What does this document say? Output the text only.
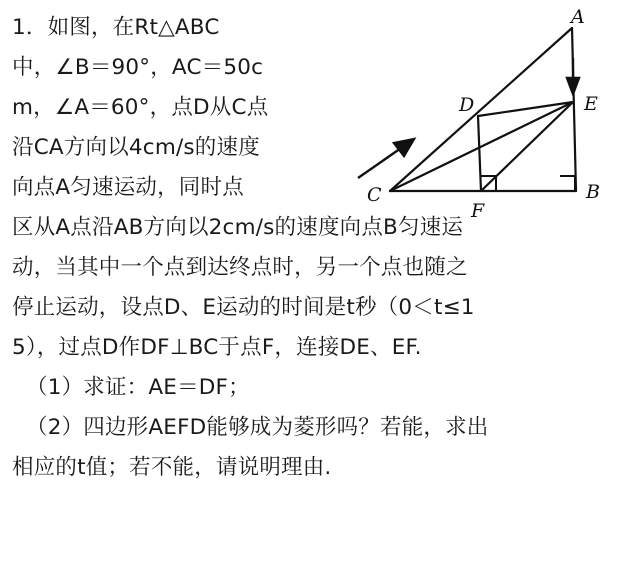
A
B
C
D	E
F
1．如图，在Rt△ABC
中，∠B＝90°，AC＝50c
m，∠A＝60°，点D从C点
沿CA方向以4cm/s的速度
向点A匀速运动，同时点
区从A点沿AB方向以2cm/s的速度向点B匀速运
动，当其中一个点到达终点时，另一个点也随之
停止运动，设点D、E运动的时间是t秒（0＜t≤1
5），过点D作DF⊥BC于点F，连接DE、EF.
（1）求证：AE＝DF；
（2）四边形AEFD能够成为菱形吗？若能，求出
相应的t值；若不能，请说明理由.
